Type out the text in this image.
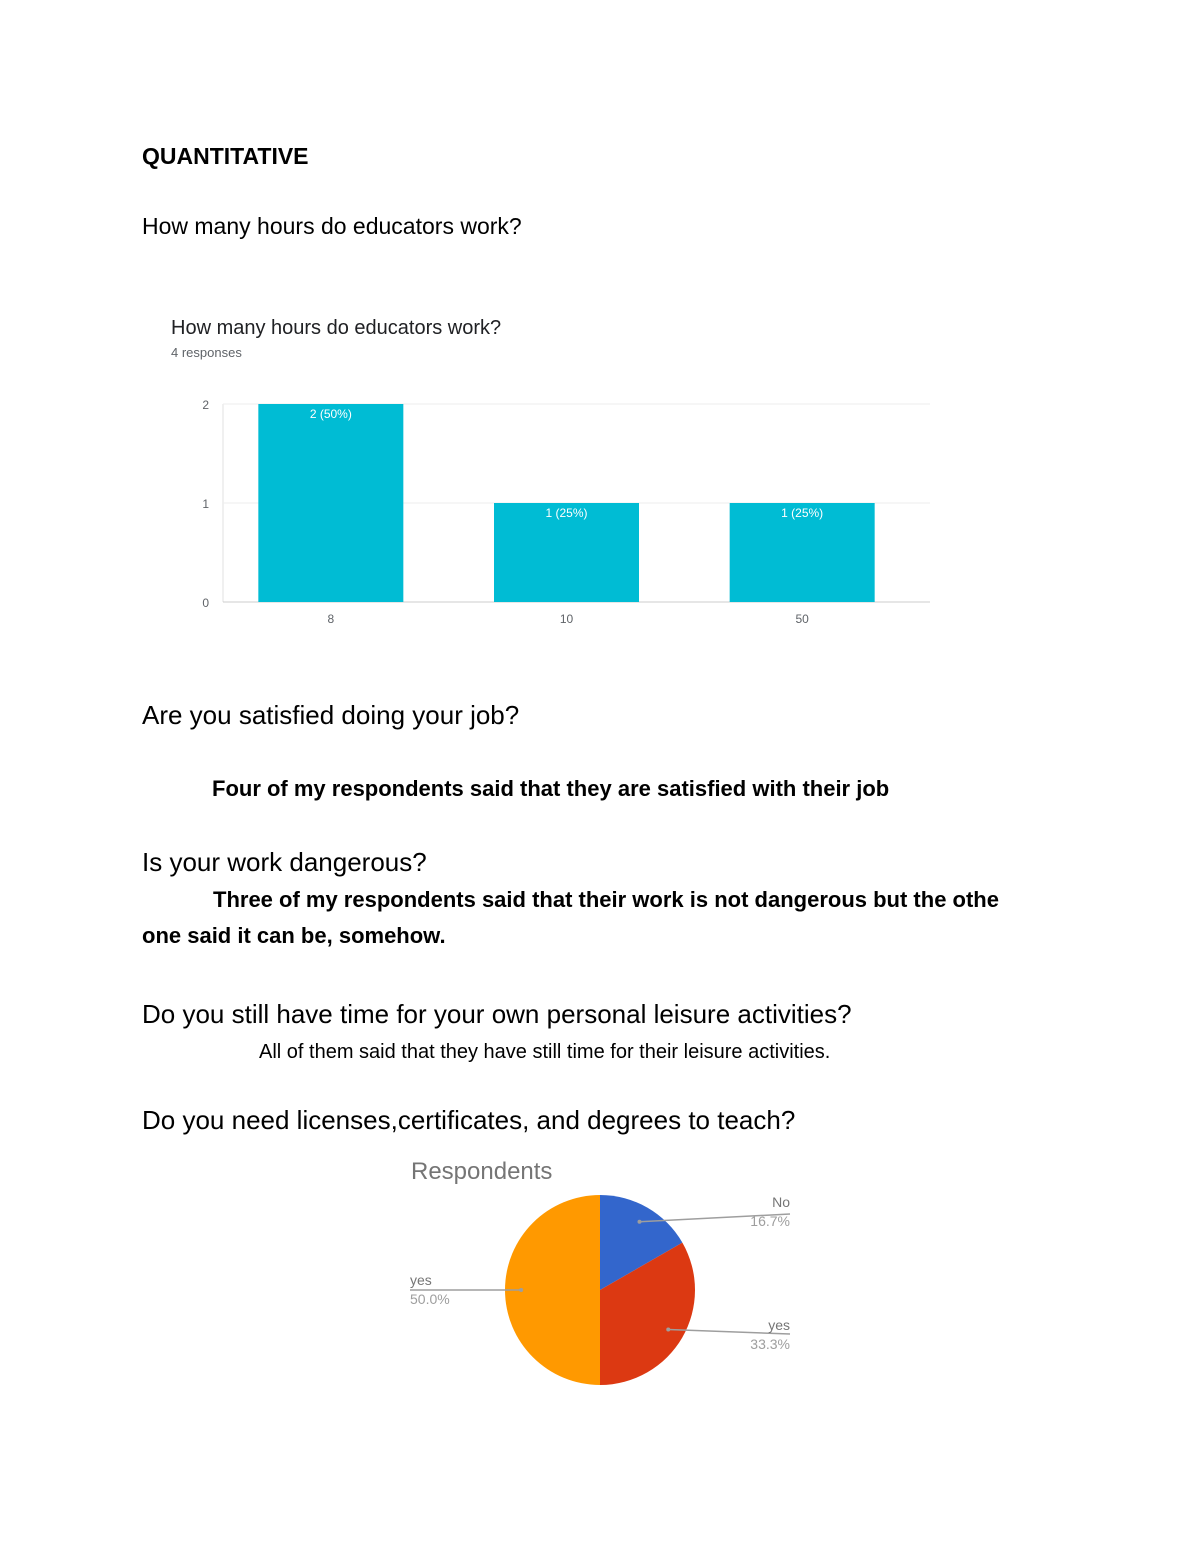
QUANTITATIVE
How many hours do educators work?
How many hours do educators work?
4 responses
0
1
2
2 (50%)
8
1 (25%)
10
1 (25%)
50
Are you satisfied doing your job?
Four of my respondents said that they are satisfied with their job
Is your work dangerous?
Three of my respondents said that their work is not dangerous but the othe
one said it can be, somehow.
Do you still have time for your own personal leisure activities?
All of them said that they have still time for their leisure activities.
Do you need licenses,certificates, and degrees to teach?
Respondents
No
16.7%
yes
33.3%
yes
50.0%
